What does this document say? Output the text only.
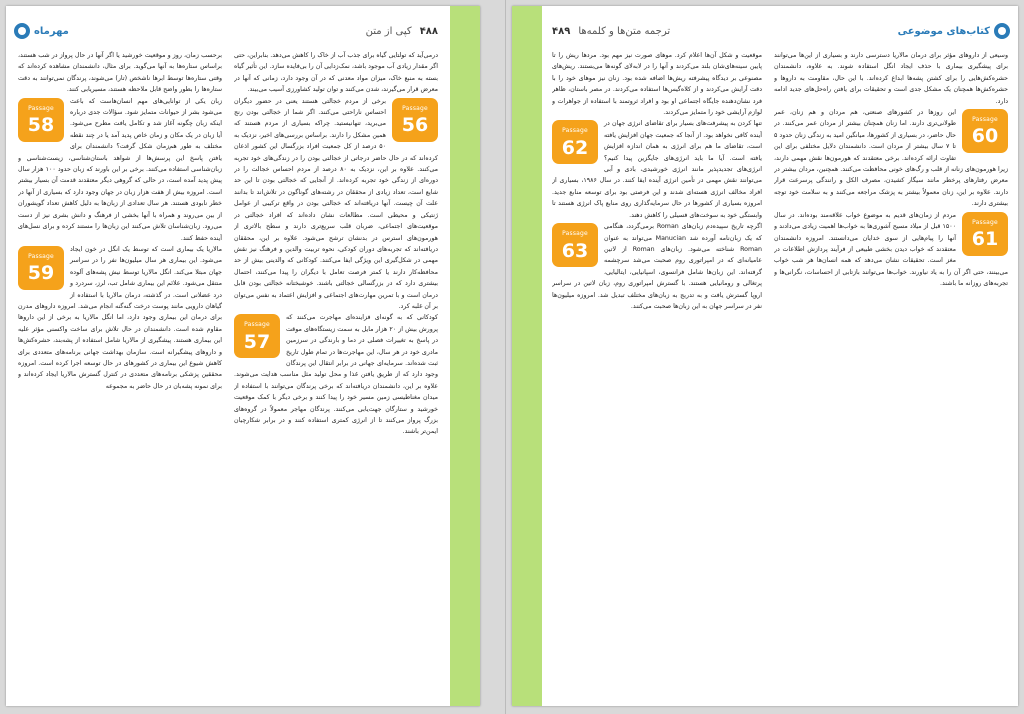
مهرماه	کپی از متن ۴۸۸

درمی‌آید که تولتایی گیاه برای جذب آب از خاک را کاهش می‌دهد. بنابراین، حتی اگر مقدار زیادی آب موجود باشد، نمک‌زدایی آن را بی‌فایده سازد. این تأثیر گیاه بسته به منبع خاک، میزان مواد معدنی که در آن وجود دارد، زمانی که آنها در معرض قرار می‌گیرند، شدن می‌کنند و توان تولید کشاورزی آسیب می‌بیند.

Passage
56

برخی از مردم خجالتی هستند یعنی در حضور دیگران احساس ناراحتی می‌کنند. اگر شما از خجالتی بودن رنج می‌برید، تنهانیستید. چراکه بسیاری از مردم هستند که همین مشکل را دارند. براساس بررسی‌های اخیر، نزدیک به ۵۰ درصد از کل جمعیت افراد بزرگسال این کشور اذعان کرده‌اند که در حال حاضر درجاتی از خجالتی بودن را در زندگی‌های خود تجربه می‌کنند. علاوه بر این، نزدیک به ۸۰ درصد از مردم احساس خجالت را در دوره‌ای از زندگی خود تجربه کرده‌اند. از آنجایی که خجالتی بودن تا این حد شایع است، تعداد زیادی از محققان در رشته‌های گوناگون در تلاش‌اند تا بدانند علت آن چیست. آنها دریافته‌اند که خجالتی بودن در واقع ترکیبی از عوامل ژنتیکی و محیطی است. مطالعات نشان داده‌اند که افراد خجالتی در موقعیت‌های اجتماعی، ضربان قلب سریع‌تری دارند و سطح بالاتری از هورمون‌های استرس در بدنشان ترشح می‌شود. علاوه بر این، محققان دریافته‌اند که تجربه‌های دوران کودکی، نحوه تربیت والدین و فرهنگ نیز نقش مهمی در شکل‌گیری این ویژگی ایفا می‌کنند. کودکانی که والدینی بیش از حد محافظه‌کار دارند یا کمتر فرصت تعامل با دیگران را پیدا می‌کنند، احتمال بیشتری دارد که در بزرگسالی خجالتی باشند. خوشبختانه خجالتی بودن قابل درمان است و با تمرین مهارت‌های اجتماعی و افزایش اعتماد به نفس می‌توان بر آن غلبه کرد.

Passage
57

کودکانی که به گونه‌ای فزاینده‌ای مهاجرت می‌کنند که پرورش بیش از ۲۰ هزار مایل به سمت زیستگاه‌های موقت در پاسخ به تغییرات فصلی در دما و بارندگی در سرزمین مادری خود در هر سال، این مهاجرت‌ها در تمام طول تاریخ ثبت شده‌اند. سرمایه‌ای جهانی در برابر انتقال این پرندگان وجود دارد که از طریق یافتن غذا و محل تولید مثل مناسب هدایت می‌شوند. علاوه بر این، دانشمندان دریافته‌اند که برخی پرندگان می‌توانند با استفاده از میدان مغناطیسی زمین مسیر خود را پیدا کنند و برخی دیگر با کمک موقعیت خورشید و ستارگان جهت‌یابی می‌کنند. پرندگان مهاجر معمولاً در گروه‌های بزرگ پرواز می‌کنند تا از انرژی کمتری استفاده کنند و در برابر شکارچیان ایمن‌تر باشند.

برحسب زمان، روز و موقعیت خورشید یا اگر آنها در حال پرواز در شب هستند، براساس ستاره‌ها به آنها می‌گوید. برای مثال، دانشمندان مشاهده کرده‌اند که وقتی ستاره‌ها توسط ابرها ناشخص (تار) می‌شوند، پرندگان نمی‌توانند به دقت ستاره‌ها را بطور واضح قابل ملاحظه هستند، مسیریابی کنند.

Passage
58

زبان یکی از توانایی‌های مهم انسان‌هاست که باعث می‌شود بشر از حیوانات متمایز شود. سؤالات جدی درباره اینکه زبان چگونه آغاز شد و تکامل یافت مطرح می‌شود. آیا زبان در یک مکان و زمان خاص پدید آمد یا در چند نقطه مختلف به طور هم‌زمان شکل گرفت؟ دانشمندان برای یافتن پاسخ این پرسش‌ها از شواهد باستان‌شناسی، زیست‌شناسی و زبان‌شناسی استفاده می‌کنند. برخی بر این باورند که زبان حدود ۱۰۰ هزار سال پیش پدید آمده است، در حالی که گروهی دیگر معتقدند قدمت آن بسیار بیشتر است. امروزه بیش از هفت هزار زبان در جهان وجود دارد که بسیاری از آنها در خطر نابودی هستند. هر سال تعدادی از زبان‌ها به دلیل کاهش تعداد گویشوران از بین می‌روند و همراه با آنها بخشی از فرهنگ و دانش بشری نیز از دست می‌رود. زبان‌شناسان تلاش می‌کنند این زبان‌ها را مستند کرده و برای نسل‌های آینده حفظ کنند.

Passage
59

مالاریا یک بیماری است که توسط یک انگل در خون ایجاد می‌شود. این بیماری هر سال میلیون‌ها نفر را در سراسر جهان مبتلا می‌کند. انگل مالاریا توسط نیش پشه‌های آلوده منتقل می‌شود. علائم این بیماری شامل تب، لرز، سردرد و درد عضلانی است. در گذشته، درمان مالاریا با استفاده از گیاهان دارویی مانند پوست درخت گنه‌گنه انجام می‌شد. امروزه داروهای مدرن برای درمان این بیماری وجود دارد، اما انگل مالاریا به برخی از این داروها مقاوم شده است. دانشمندان در حال تلاش برای ساخت واکسنی مؤثر علیه این بیماری هستند. پیشگیری از مالاریا شامل استفاده از پشه‌بند، حشره‌کش‌ها و داروهای پیشگیرانه است. سازمان بهداشت جهانی برنامه‌های متعددی برای کاهش شیوع این بیماری در کشورهای در حال توسعه اجرا کرده است. امروزه محققین پزشکی برنامه‌های متعددی در کنترل گسترش مالاریا ایجاد کرده‌اند و برای نمونه پشه‌بان در حال حاضر به مجموعه

۴۸۹ ترجمه متن‌ها و کلمه‌ها	کتاب‌های موضوعی

موقعیت و شکل آن‌ها اعلام کرد. موهای صورت نیز مهم بود. مردها ریش را تا پایین سینه‌های‌شان بلند می‌کردند و آنها را در لابه‌لای گونه‌ها می‌بستند. ریش‌های مصنوعی بر دیدگاه پیشرفته ریش‌ها اضافه شده بود. زنان نیز موهای خود را با دقت آرایش می‌کردند و از کلاه‌گیس‌ها استفاده می‌کردند. در مصر باستان، ظاهر فرد نشان‌دهنده جایگاه اجتماعی او بود و افراد ثروتمند با استفاده از جواهرات و لوازم آرایشی خود را متمایز می‌کردند.

Passage
62

تنها کردن به پیشرفت‌های بسیار برای تقاضای انرژی جهان در آینده کافی نخواهد بود. از آنجا که جمعیت جهان افزایش یافته است، تقاضای ما هم برای انرژی به همان اندازه افزایش یافته است. آیا ما باید انرژی‌های جایگزین پیدا کنیم؟ انرژی‌های تجدیدپذیر مانند انرژی خورشیدی، بادی و آبی می‌توانند نقش مهمی در تأمین انرژی آینده ایفا کنند. در سال ۱۹۸۶، بسیاری از افراد مخالف انرژی هسته‌ای شدند و این فرصتی بود برای توسعه منابع جدید. امروزه بسیاری از کشورها در حال سرمایه‌گذاری روی منابع پاک انرژی هستند تا وابستگی خود به سوخت‌های فسیلی را کاهش دهند.

Passage
63

اگرچه تاریخ سپیده‌دم زبان‌های Roman برمی‌گردد، هنگامی که یک زبان‌نامه آورده شد Manucian می‌تواند به عنوان Roman شناخته می‌شود. زبان‌های Roman از لاتین عامیانه‌ای که در امپراتوری روم صحبت می‌شد سرچشمه گرفته‌اند. این زبان‌ها شامل فرانسوی، اسپانیایی، ایتالیایی، پرتغالی و رومانیایی هستند. با گسترش امپراتوری روم، زبان لاتین در سراسر اروپا گسترش یافت و به تدریج به زبان‌های مختلف تبدیل شد. امروزه میلیون‌ها نفر در سراسر جهان به این زبان‌ها صحبت می‌کنند.

وسیعی از داروهای مؤثر برای درمان مالاریا دسترسی دارند و بسیاری از این‌ها می‌توانند برای پیشگیری بیماری با حذف ایجاد انگل استفاده شوند. به علاوه، دانشمندان حشره‌کش‌هایی را برای کشتن پشه‌ها ابداع کرده‌اند. با این حال، مقاومت به داروها و حشره‌کش‌ها همچنان یک مشکل جدی است و تحقیقات برای یافتن راه‌حل‌های جدید ادامه دارد.

Passage
60

این روزها در کشورهای صنعتی، هم مردان و هم زنان، عمر طولانی‌تری دارند. اما زنان همچنان بیشتر از مردان عمر می‌کنند. در حال حاضر، در بسیاری از کشورها، میانگین امید به زندگی زنان حدود ۵ تا ۷ سال بیشتر از مردان است. دانشمندان دلایل مختلفی برای این تفاوت ارائه کرده‌اند. برخی معتقدند که هورمون‌ها نقش مهمی دارند، زیرا هورمون‌های زنانه از قلب و رگ‌های خونی محافظت می‌کنند. همچنین، مردان بیشتر در معرض رفتارهای پرخطر مانند سیگار کشیدن، مصرف الکل و رانندگی پرسرعت قرار دارند. علاوه بر این، زنان معمولاً بیشتر به پزشک مراجعه می‌کنند و به سلامت خود توجه بیشتری دارند.

Passage
61

مردم از زمان‌های قدیم به موضوع خواب علاقه‌مند بوده‌اند. در سال ۱۵۰۰ قبل از میلاد مسیح آشوری‌ها به خواب‌ها اهمیت زیادی می‌دادند و آنها را پیام‌هایی از سوی خدایان می‌دانستند. امروزه دانشمندان معتقدند که خواب دیدن بخشی طبیعی از فرآیند پردازش اطلاعات در مغز است. تحقیقات نشان می‌دهد که همه انسان‌ها هر شب خواب می‌بینند، حتی اگر آن را به یاد نیاورند. خواب‌ها می‌توانند بازتابی از احساسات، نگرانی‌ها و تجربه‌های روزانه ما باشند.
